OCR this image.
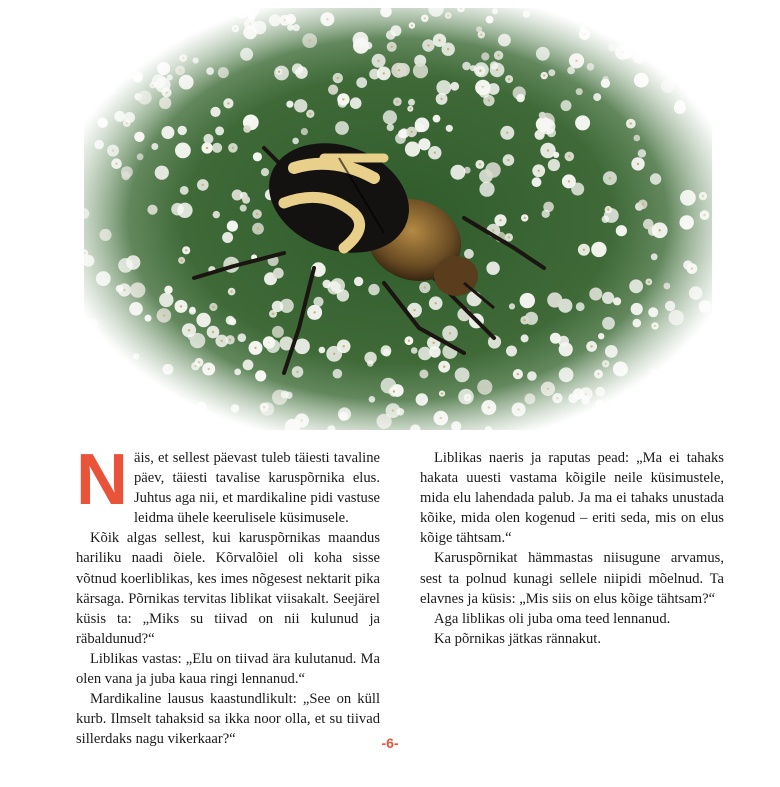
Näis, et sellest päevast tuleb täiesti tavaline päev, täiesti tavalise karuspõrnika elus. Juhtus aga nii, et mardikaline pidi vastuse leidma ühele keerulisele küsimusele.

Kõik algas sellest, kui karuspõrnikas maandus hariliku naadi õiele. Kõrvalõiel oli koha sisse võtnud koerliblikas, kes imes nõgesest nektarit pika kärsaga. Põrnikas tervitas liblikat viisakalt. Seejärel küsis ta: „Miks su tiivad on nii kulunud ja räbaldunud?“

Liblikas vastas: „Elu on tiivad ära kulutanud. Ma olen vana ja juba kaua ringi lennanud.“

Mardikaline lausus kaastundlikult: „See on küll kurb. Ilmselt tahaksid sa ikka noor olla, et su tiivad sillerdaks nagu vikerkaar?“

Liblikas naeris ja raputas pead: „Ma ei tahaks hakata uuesti vastama kõigile neile küsimustele, mida elu lahendada palub. Ja ma ei tahaks unustada kõike, mida olen kogenud – eriti seda, mis on elus kõige tähtsam.“

Karuspõrnikat hämmastas niisugune arvamus, sest ta polnud kunagi sellele niipidi mõelnud. Ta elavnes ja küsis: „Mis siis on elus kõige tähtsam?“

Aga liblikas oli juba oma teed lennanud.

Ka põrnikas jätkas rännakut.

-6-
